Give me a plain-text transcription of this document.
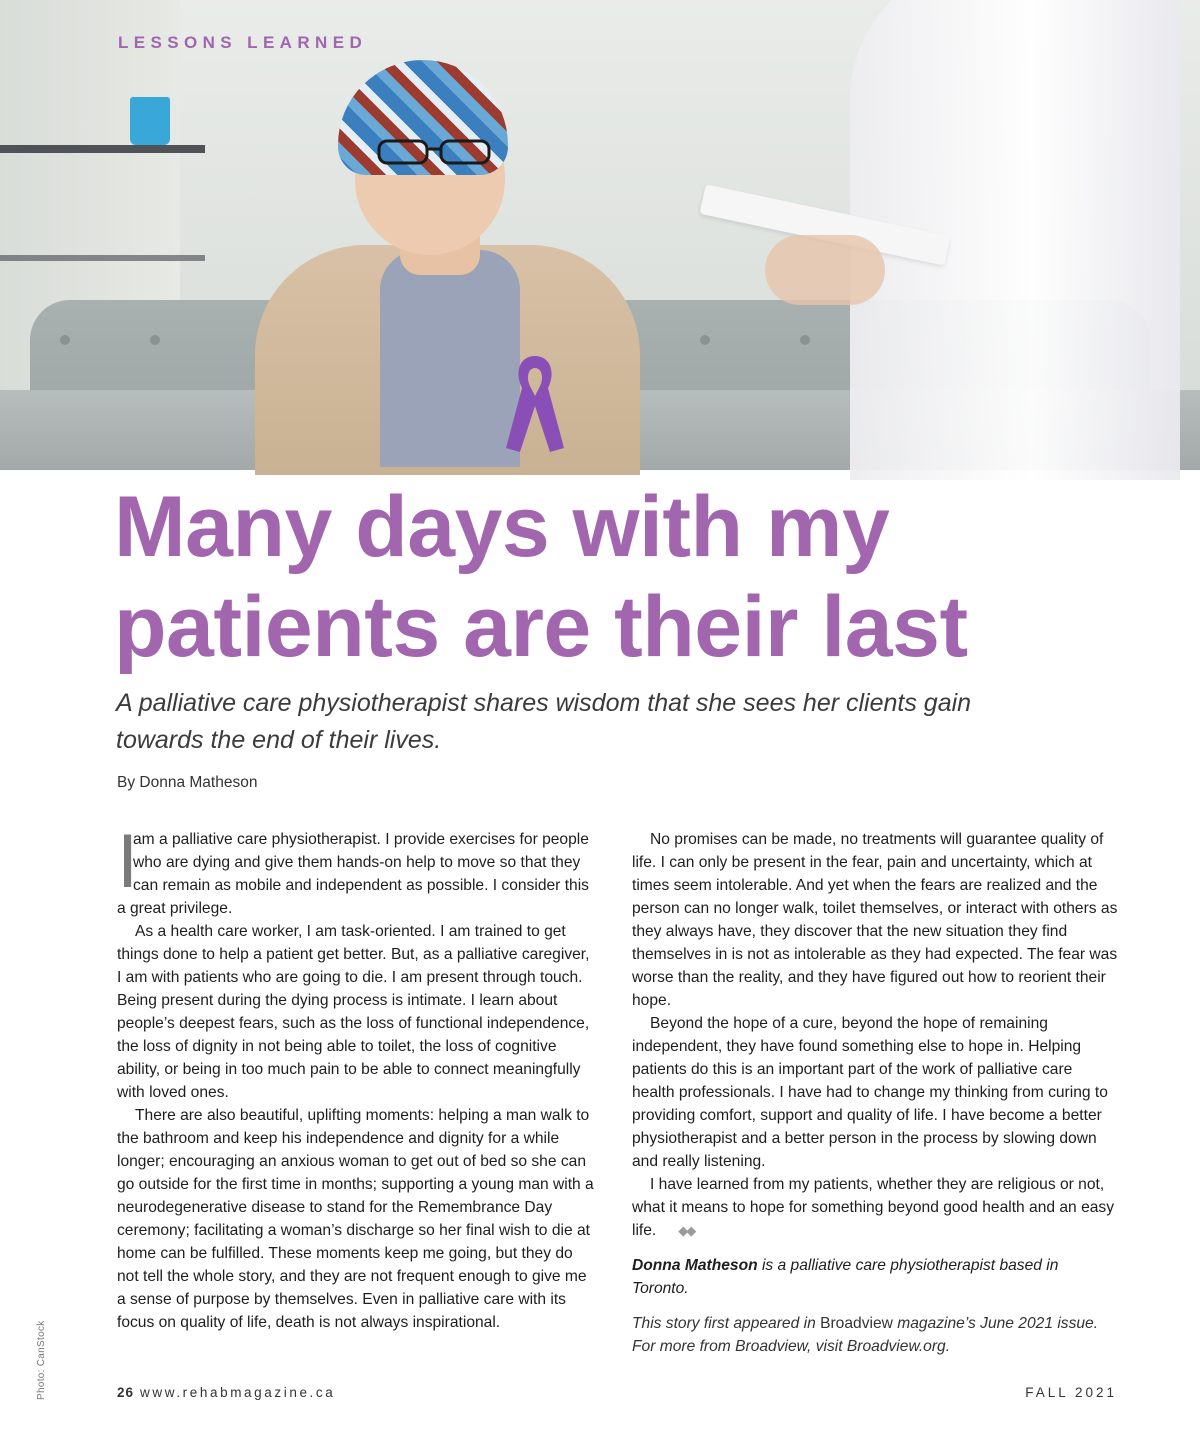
LESSONS LEARNED

Many days with my
patients are their last

A palliative care physiotherapist shares wisdom that she sees her clients gain
towards the end of their lives.

By Donna Matheson

I
am a palliative care physiotherapist. I provide exercises for people who are dying and give them hands-on help to move so that they can remain as mobile and independent as possible. I consider this a great privilege.

As a health care worker, I am task-oriented. I am trained to get things done to help a patient get better. But, as a palliative caregiver, I am with patients who are going to die. I am present through touch. Being present during the dying process is intimate. I learn about people’s deepest fears, such as the loss of functional independence, the loss of dignity in not being able to toilet, the loss of cognitive ability, or being in too much pain to be able to connect meaningfully with loved ones.

There are also beautiful, uplifting moments: helping a man walk to the bathroom and keep his independence and dignity for a while longer; encouraging an anxious woman to get out of bed so she can go outside for the first time in months; supporting a young man with a neurodegenerative disease to stand for the Remembrance Day ceremony; facilitating a woman’s discharge so her final wish to die at home can be fulfilled. These moments keep me going, but they do not tell the whole story, and they are not frequent enough to give me a sense of purpose by themselves. Even in palliative care with its focus on quality of life, death is not always inspirational.

No promises can be made, no treatments will guarantee quality of life. I can only be present in the fear, pain and uncertainty, which at times seem intolerable. And yet when the fears are realized and the person can no longer walk, toilet themselves, or interact with others as they always have, they discover that the new situation they find themselves in is not as intolerable as they had expected. The fear was worse than the reality, and they have figured out how to reorient their hope.

Beyond the hope of a cure, beyond the hope of remaining independent, they have found something else to hope in. Helping patients do this is an important part of the work of palliative care health professionals. I have had to change my thinking from curing to providing comfort, support and quality of life. I have become a better physiotherapist and a better person in the process by slowing down and really listening.

I have learned from my patients, whether they are religious or not, what it means to hope for something beyond good health and an easy life. ◆◆

Donna Matheson is a palliative care physiotherapist based in Toronto.

This story first appeared in Broadview magazine’s June 2021 issue. For more from Broadview, visit Broadview.org.

Photo: CanStock	26 www.rehabmagazine.ca	FALL 2021
